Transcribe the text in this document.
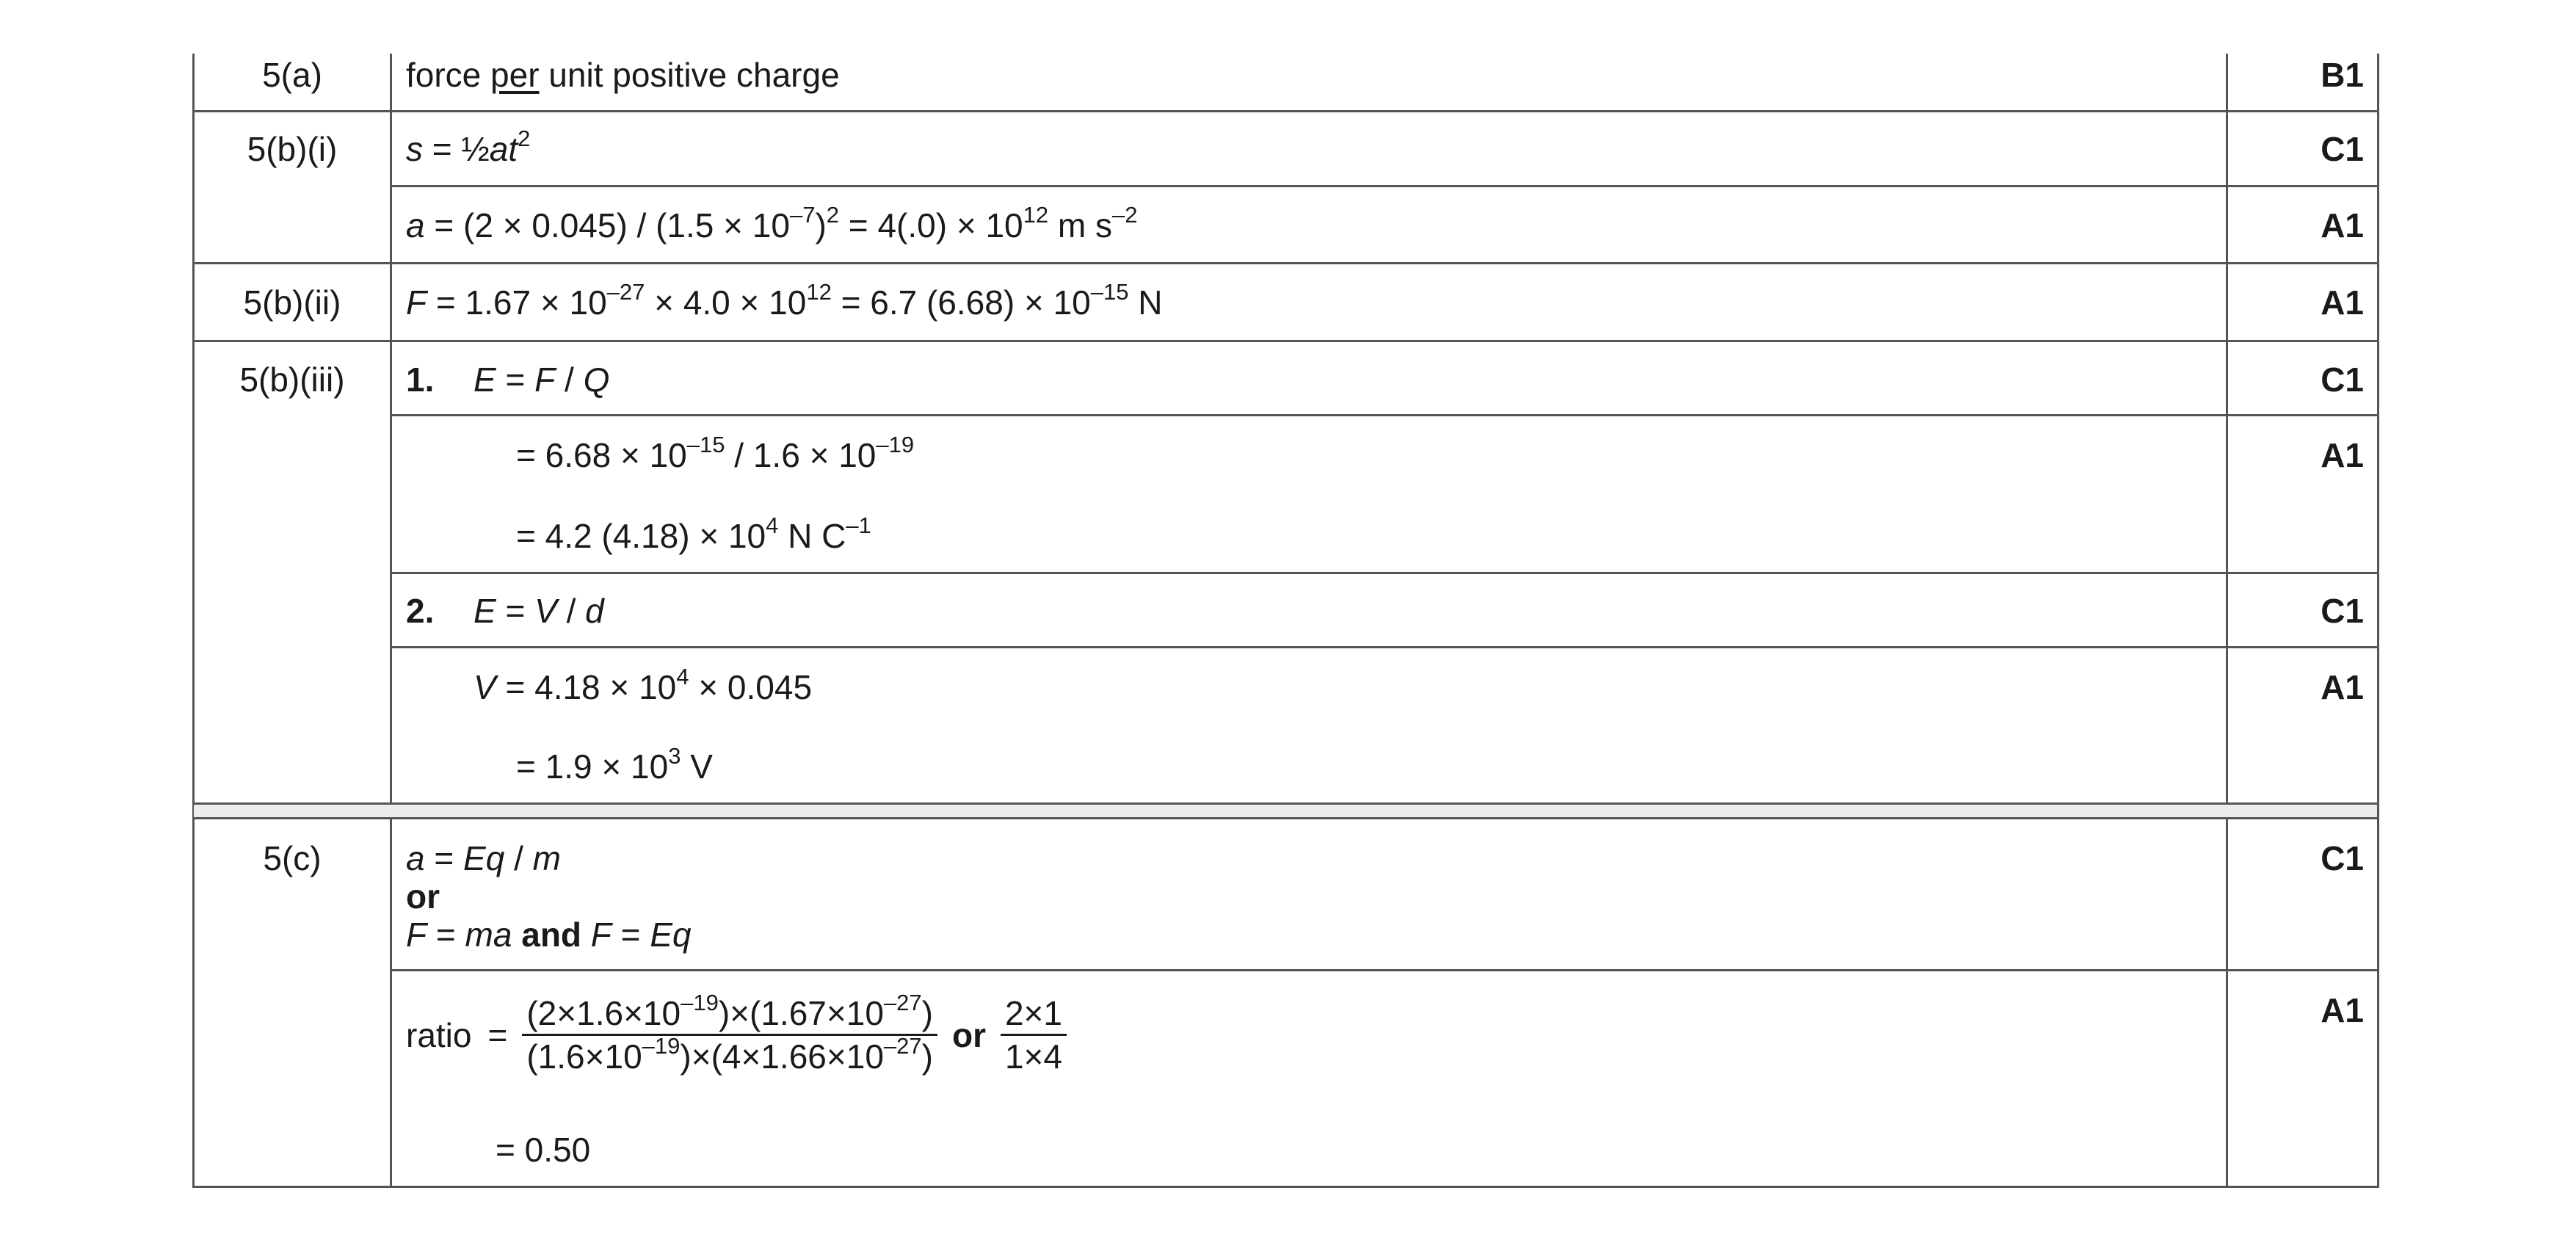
5(a)	force per unit positive charge	B1
5(b)(i)	$s = \frac{1}{2}at^2$	C1
$a = (2 \times 0.045) / (1.5 \times 10^{-7})^2 = 4(.0) \times 10^{12}$ m $s^{-2}$	A1
5(b)(ii)	$F = 1.67 \times 10^{-27} \times 4.0 \times 10^{12} = 6.7$ $(6.68) \times 10^{-15}$ N	A1
5(b)(iii)	1. E = F / Q	C1
= $6.68 \times 10^{-15} / 1.6 \times 10^{-19}$	A1
= 4.2 $(4.18) \times 10^4$ N $C^{-1}$
2. E = V / d	C1
$V = 4.18 \times 10^4 \times 0.045$	A1
= $1.9 \times 10^3$ V
5(c)	a = Eq / m
or
F = ma and F = Eq
C1
ratio = $\frac{(2\times 1.6\times 10^{-19})\times(1.67\times 10^{-27})}{(1.6\times 10^{-19})\times(4\times 1.66\times 10^{-27})}$ or $\frac{2\times 1}{1\times 4}$	A1
= 0.50
